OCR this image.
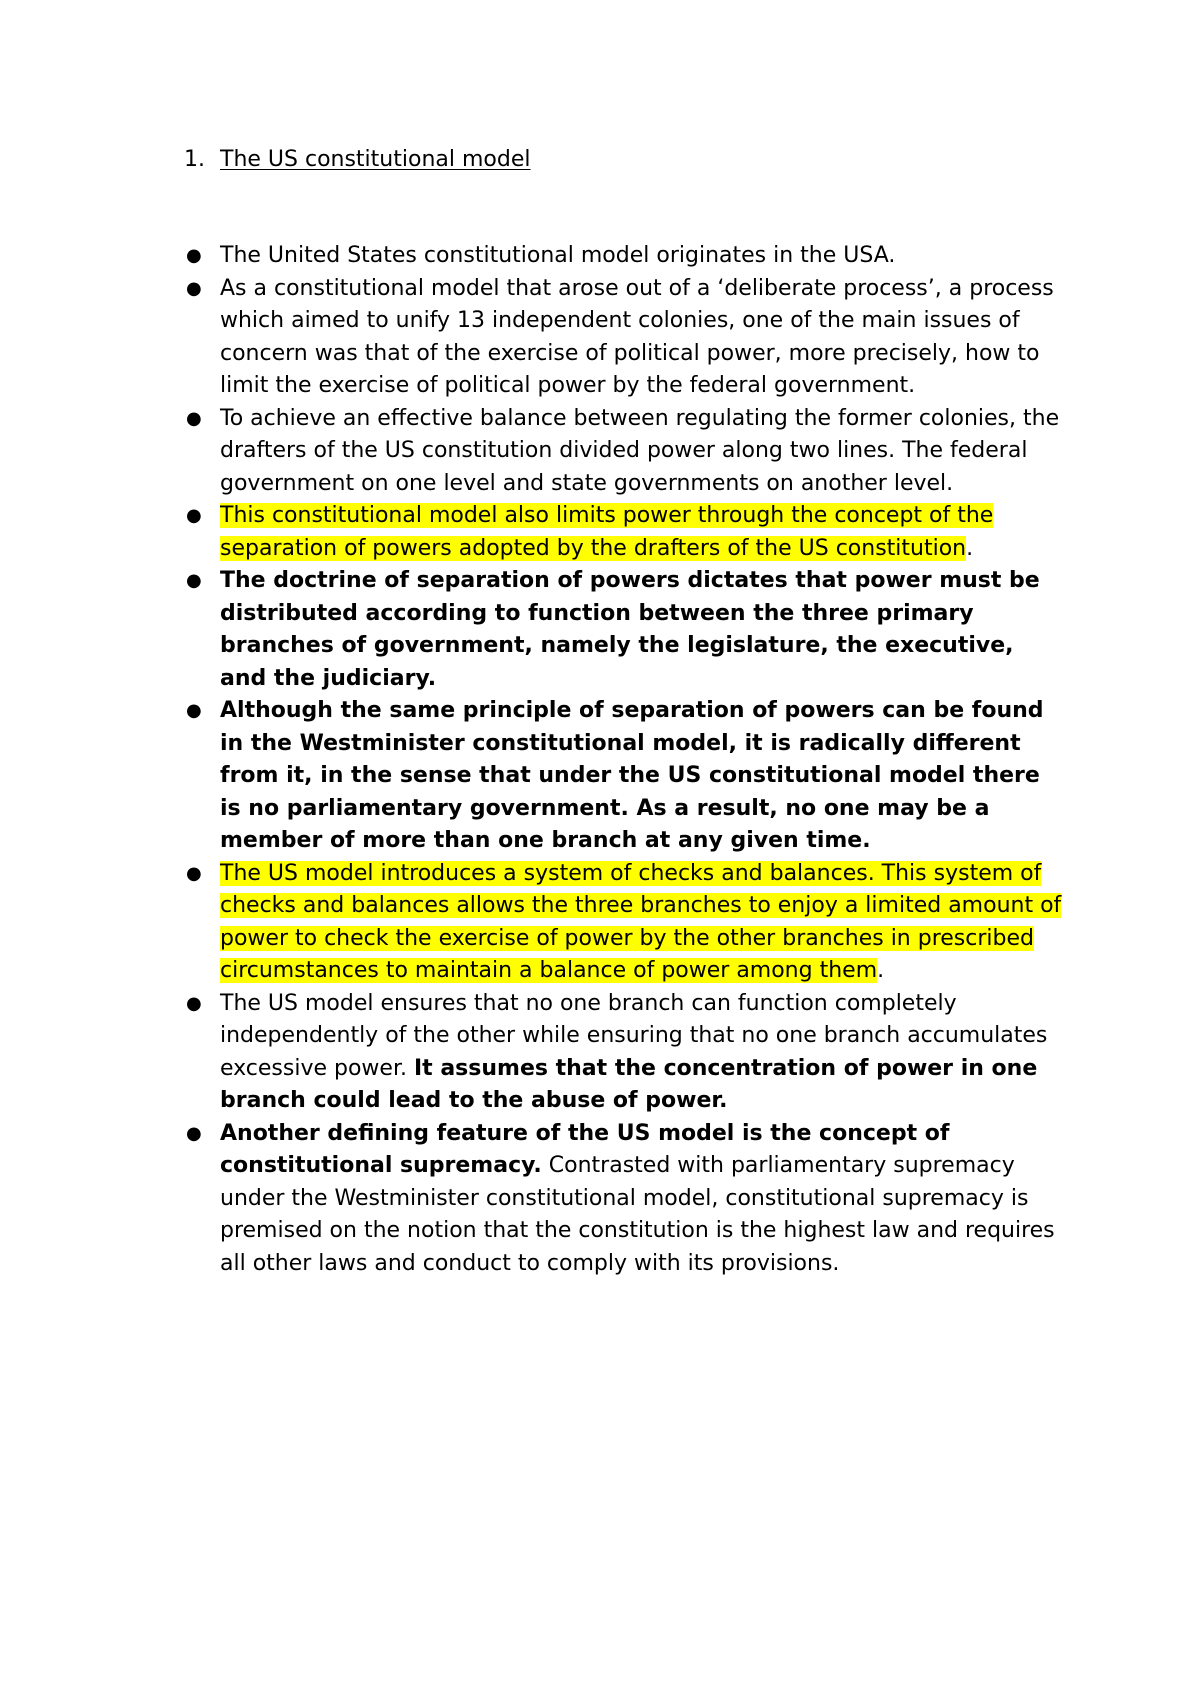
1. The US constitutional model
● The United States constitutional model originates in the USA.
● As a constitutional model that arose out of a ‘deliberate process’, a process which aimed to unify 13 independent colonies, one of the main issues of concern was that of the exercise of political power, more precisely, how to limit the exercise of political power by the federal government.
● To achieve an effective balance between regulating the former colonies, the drafters of the US constitution divided power along two lines. The federal government on one level and state governments on another level.
● This constitutional model also limits power through the concept of the separation of powers adopted by the drafters of the US constitution.
● The doctrine of separation of powers dictates that power must be distributed according to function between the three primary branches of government, namely the legislature, the executive, and the judiciary.
● Although the same principle of separation of powers can be found in the Westminister constitutional model, it is radically different from it, in the sense that under the US constitutional model there is no parliamentary government. As a result, no one may be a member of more than one branch at any given time.
● The US model introduces a system of checks and balances. This system of checks and balances allows the three branches to enjoy a limited amount of power to check the exercise of power by the other branches in prescribed circumstances to maintain a balance of power among them.
● The US model ensures that no one branch can function completely independently of the other while ensuring that no one branch accumulates excessive power. It assumes that the concentration of power in one branch could lead to the abuse of power.
● Another defining feature of the US model is the concept of constitutional supremacy. Contrasted with parliamentary supremacy under the Westminister constitutional model, constitutional supremacy is premised on the notion that the constitution is the highest law and requires all other laws and conduct to comply with its provisions.
